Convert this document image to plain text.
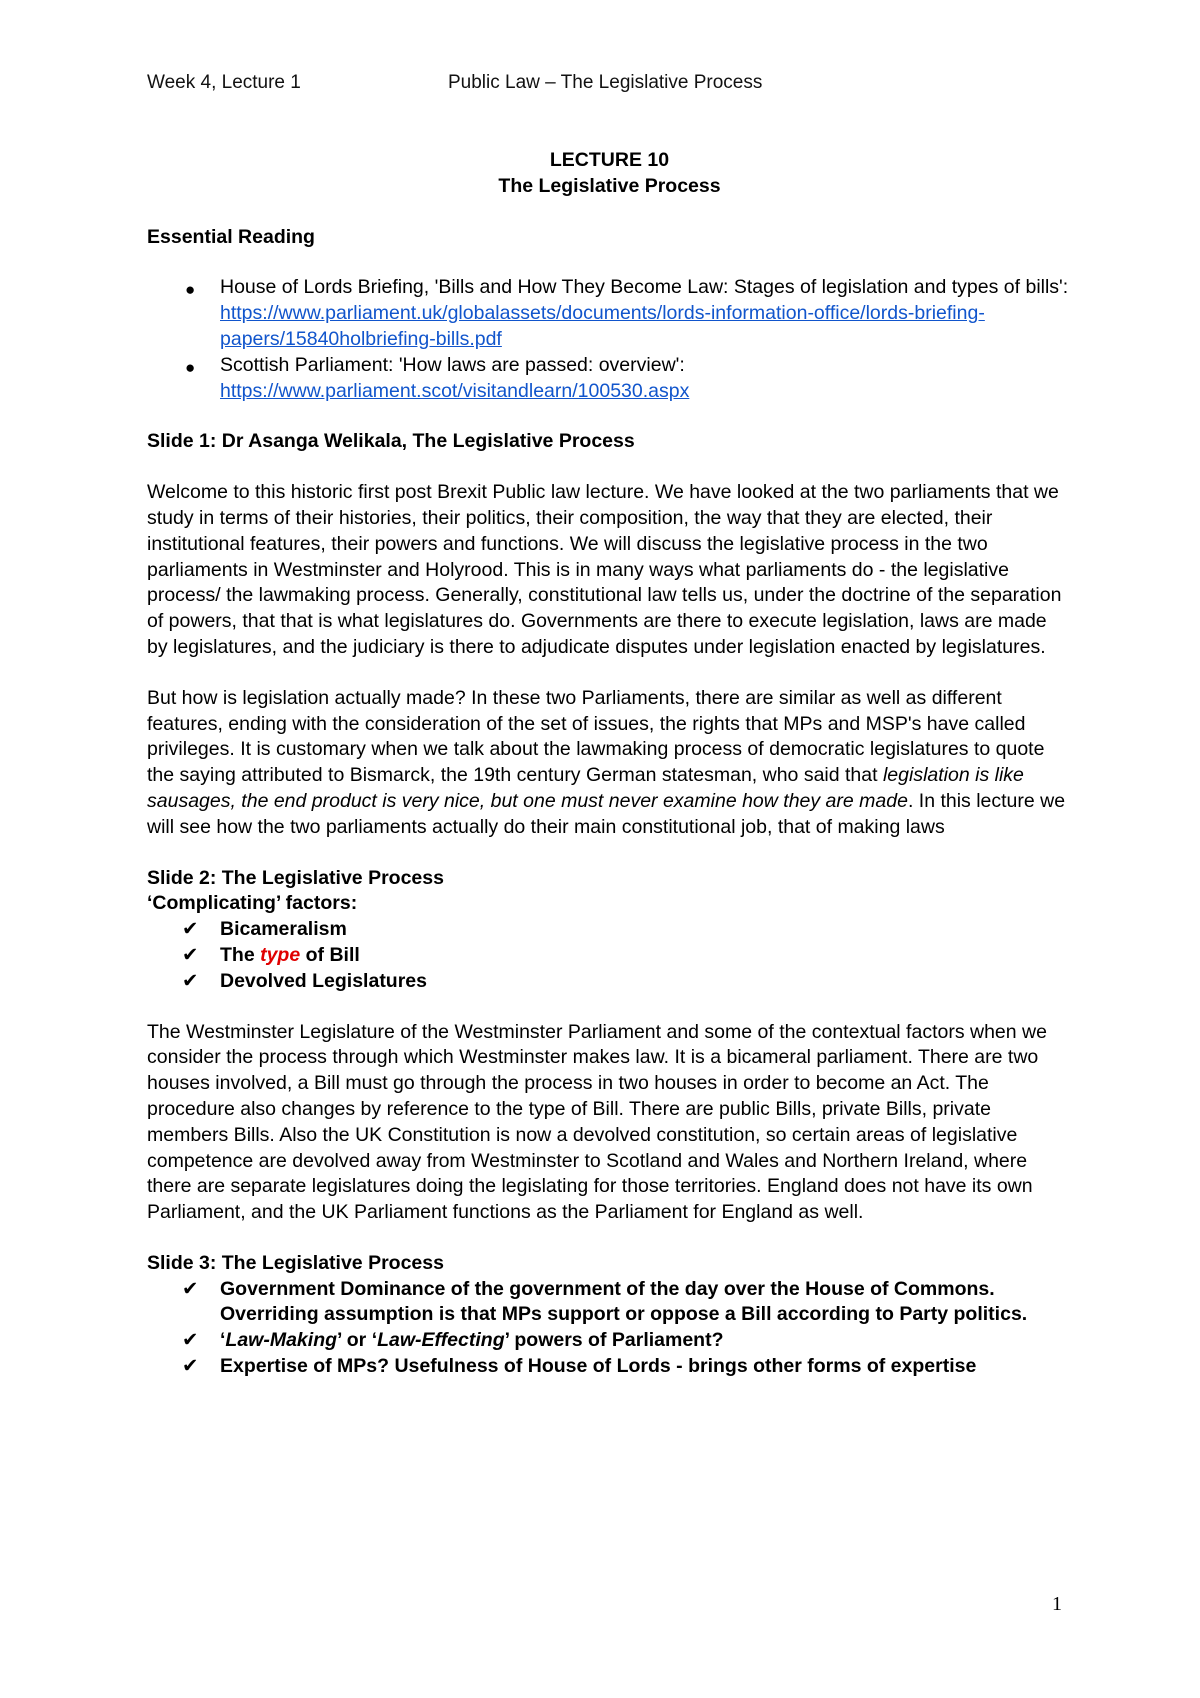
Week 4, Lecture 1	Public Law – The Legislative Process
LECTURE 10
The Legislative Process
Essential Reading
● House of Lords Briefing, 'Bills and How They Become Law: Stages of legislation and types of bills': https://www.parliament.uk/globalassets/documents/lords-information-office/lords-briefing-papers/15840holbriefing-bills.pdf
● Scottish Parliament: 'How laws are passed: overview':
https://www.parliament.scot/visitandlearn/100530.aspx
Slide 1: Dr Asanga Welikala, The Legislative Process

Welcome to this historic first post Brexit Public law lecture. We have looked at the two parliaments that we study in terms of their histories, their politics, their composition, the way that they are elected, their institutional features, their powers and functions. We will discuss the legislative process in the two parliaments in Westminster and Holyrood. This is in many ways what parliaments do - the legislative process/ the lawmaking process. Generally, constitutional law tells us, under the doctrine of the separation of powers, that that is what legislatures do. Governments are there to execute legislation, laws are made by legislatures, and the judiciary is there to adjudicate disputes under legislation enacted by legislatures.

But how is legislation actually made? In these two Parliaments, there are similar as well as different features, ending with the consideration of the set of issues, the rights that MPs and MSP's have called privileges. It is customary when we talk about the lawmaking process of democratic legislatures to quote the saying attributed to Bismarck, the 19th century German statesman, who said that legislation is like sausages, the end product is very nice, but one must never examine how they are made. In this lecture we will see how the two parliaments actually do their main constitutional job, that of making laws

Slide 2: The Legislative Process
‘Complicating’ factors:
✔ Bicameralism
✔ The type of Bill
✔ Devolved Legislatures

The Westminster Legislature of the Westminster Parliament and some of the contextual factors when we consider the process through which Westminster makes law. It is a bicameral parliament. There are two houses involved, a Bill must go through the process in two houses in order to become an Act. The procedure also changes by reference to the type of Bill. There are public Bills, private Bills, private members Bills. Also the UK Constitution is now a devolved constitution, so certain areas of legislative competence are devolved away from Westminster to Scotland and Wales and Northern Ireland, where there are separate legislatures doing the legislating for those territories. England does not have its own Parliament, and the UK Parliament functions as the Parliament for England as well.

Slide 3: The Legislative Process
✔ Government Dominance of the government of the day over the House of Commons. Overriding assumption is that MPs support or oppose a Bill according to Party politics.
✔ ‘Law-Making’ or ‘Law-Effecting’ powers of Parliament?
✔ Expertise of MPs? Usefulness of House of Lords - brings other forms of expertise
1
